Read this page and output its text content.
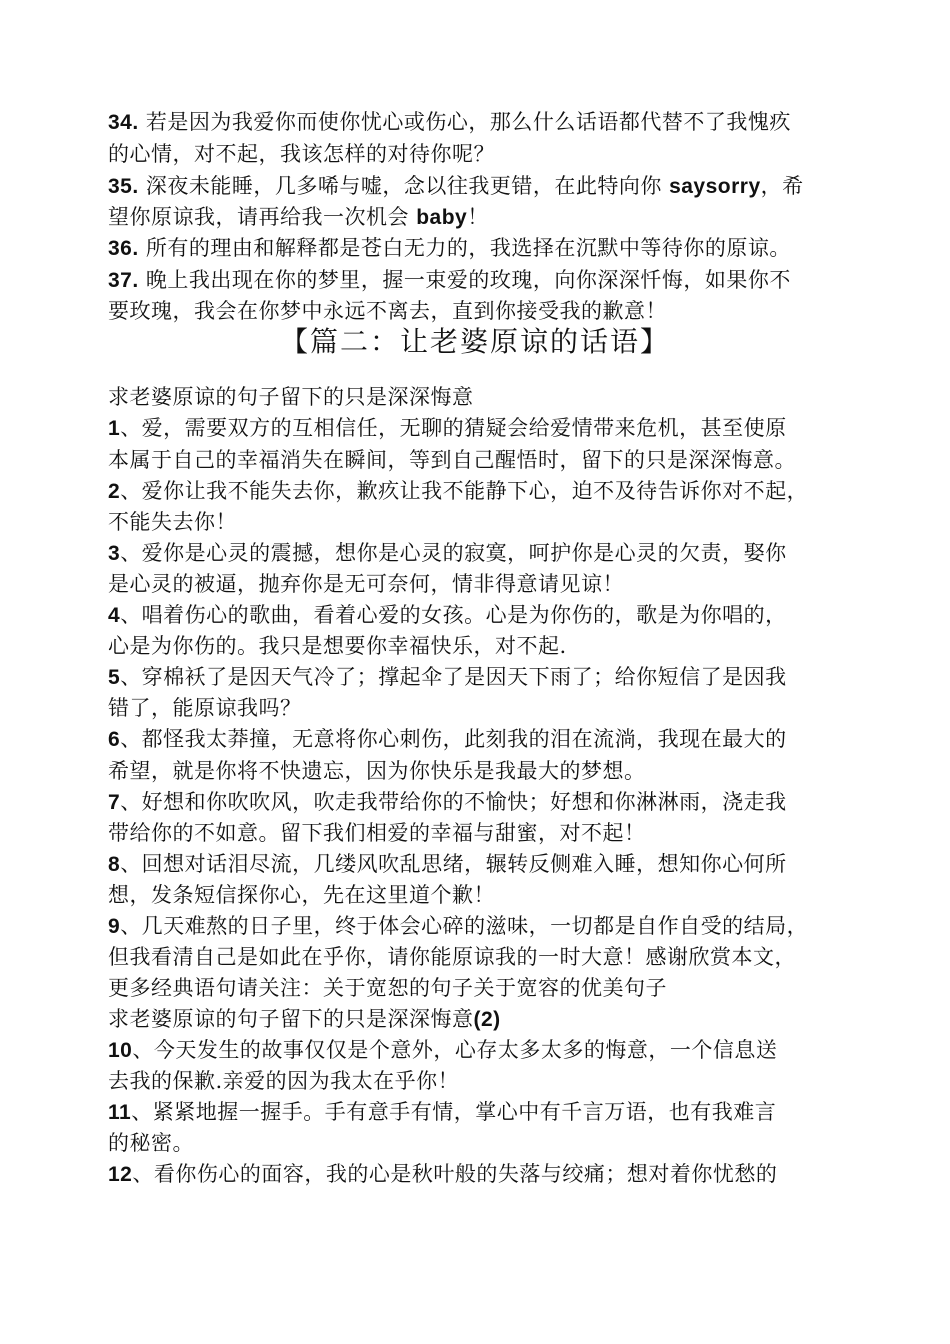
34. 若是因为我爱你而使你忧心或伤心，那么什么话语都代替不了我愧疚
的心情，对不起，我该怎样的对待你呢？
35. 深夜未能睡，几多唏与嘘，念以往我更错，在此特向你 saysorry，希
望你原谅我，请再给我一次机会 baby！
36. 所有的理由和解释都是苍白无力的，我选择在沉默中等待你的原谅。
37. 晚上我出现在你的梦里，握一束爱的玫瑰，向你深深忏悔，如果你不
要玫瑰，我会在你梦中永远不离去，直到你接受我的歉意！
【篇二：让老婆原谅的话语】
求老婆原谅的句子留下的只是深深悔意
1、爱，需要双方的互相信任，无聊的猜疑会给爱情带来危机，甚至使原
本属于自己的幸福消失在瞬间，等到自己醒悟时，留下的只是深深悔意。
2、爱你让我不能失去你，歉疚让我不能静下心，迫不及待告诉你对不起，
不能失去你！
3、爱你是心灵的震撼，想你是心灵的寂寞，呵护你是心灵的欠责，娶你
是心灵的被逼，抛弃你是无可奈何，情非得意请见谅！
4、唱着伤心的歌曲，看着心爱的女孩。心是为你伤的，歌是为你唱的，
心是为你伤的。我只是想要你幸福快乐，对不起.
5、穿棉袄了是因天气冷了；撑起伞了是因天下雨了；给你短信了是因我
错了，能原谅我吗？
6、都怪我太莽撞，无意将你心刺伤，此刻我的泪在流淌，我现在最大的
希望，就是你将不快遗忘，因为你快乐是我最大的梦想。
7、好想和你吹吹风，吹走我带给你的不愉快；好想和你淋淋雨，浇走我
带给你的不如意。留下我们相爱的幸福与甜蜜，对不起！
8、回想对话泪尽流，几缕风吹乱思绪，辗转反侧难入睡，想知你心何所
想，发条短信探你心，先在这里道个歉！
9、几天难熬的日子里，终于体会心碎的滋味，一切都是自作自受的结局，
但我看清自己是如此在乎你，请你能原谅我的一时大意！感谢欣赏本文，
更多经典语句请关注：关于宽恕的句子关于宽容的优美句子
求老婆原谅的句子留下的只是深深悔意(2)
10、今天发生的故事仅仅是个意外，心存太多太多的悔意，一个信息送
去我的保歉.亲爱的因为我太在乎你！
11、紧紧地握一握手。手有意手有情，掌心中有千言万语，也有我难言
的秘密。
12、看你伤心的面容，我的心是秋叶般的失落与绞痛；想对着你忧愁的
